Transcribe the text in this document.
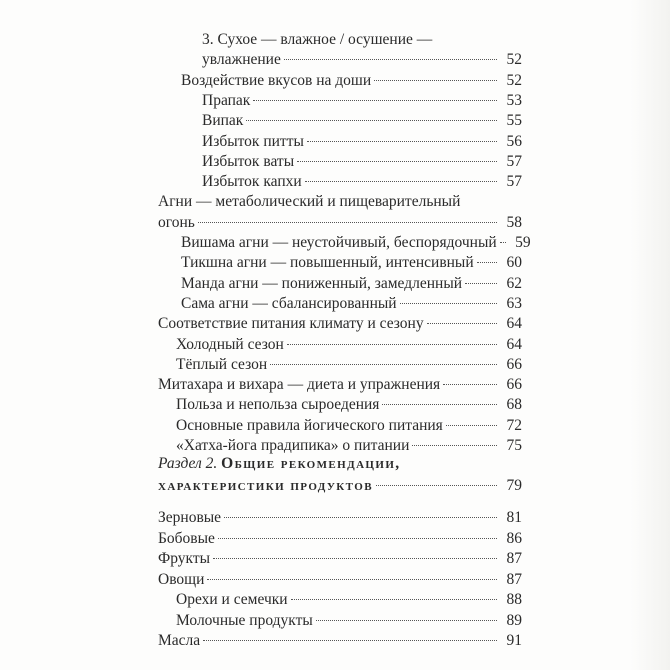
3. Сухое — влажное / осушение —
увлажнение	52
Воздействие вкусов на доши	52
Прапак	53
Випак	55
Избыток питты	56
Избыток ваты	57
Избыток капхи	57
Агни — метаболический и пищеварительный
огонь	58
Вишама агни — неустойчивый, беспорядочный	59
Тикшна агни — повышенный, интенсивный	60
Манда агни — пониженный, замедленный	62
Сама агни — сбалансированный	63
Соответствие питания климату и сезону	64
Холодный сезон	64
Тёплый сезон	66
Митахара и вихара — диета и упражнения	66
Польза и непольза сыроедения	68
Основные правила йогического питания	72
«Хатха-йога прадипика» о питании	75
Раздел 2. Общие рекомендации,
характеристики продуктов	79
Зерновые	81
Бобовые	86
Фрукты	87
Овощи	87
Орехи и семечки	88
Молочные продукты	89
Масла	91
